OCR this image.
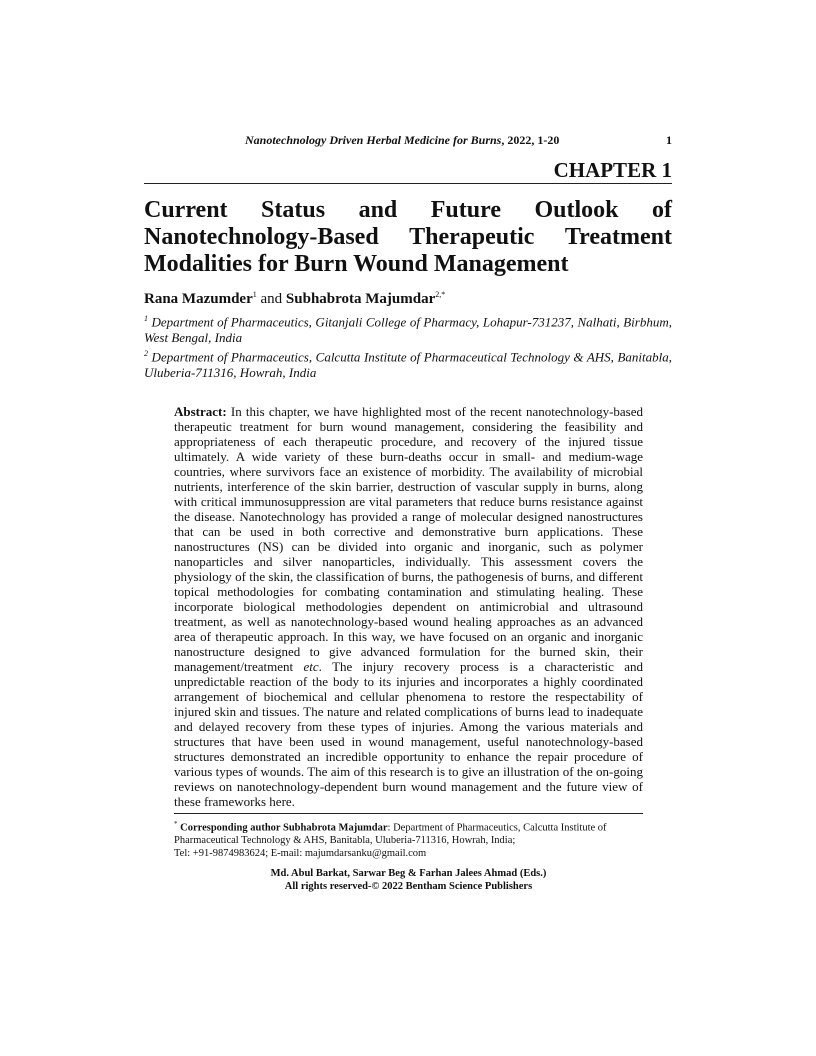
Nanotechnology Driven Herbal Medicine for Burns, 2022, 1-20	1
CHAPTER 1
Current Status and Future Outlook of Nanotechnology-Based Therapeutic Treatment Modalities for Burn Wound Management
Rana Mazumder$^1$ and Subhabrota Majumdar$^{2,*}$
$^1$ Department of Pharmaceutics, Gitanjali College of Pharmacy, Lohapur-731237, Nalhati, Birbhum, West Bengal, India
$^2$ Department of Pharmaceutics, Calcutta Institute of Pharmaceutical Technology & AHS, Banitabla, Uluberia-711316, Howrah, India
Abstract: In this chapter, we have highlighted most of the recent nanotechnology-based therapeutic treatment for burn wound management, considering the feasibility and appropriateness of each therapeutic procedure, and recovery of the injured tissue ultimately. A wide variety of these burn-deaths occur in small- and medium-wage countries, where survivors face an existence of morbidity. The availability of microbial nutrients, interference of the skin barrier, destruction of vascular supply in burns, along with critical immunosuppression are vital parameters that reduce burns resistance against the disease. Nanotechnology has provided a range of molecular designed nanostructures that can be used in both corrective and demonstrative burn applications. These nanostructures (NS) can be divided into organic and inorganic, such as polymer nanoparticles and silver nanoparticles, individually. This assessment covers the physiology of the skin, the classification of burns, the pathogenesis of burns, and different topical methodologies for combating contamination and stimulating healing. These incorporate biological methodologies dependent on antimicrobial and ultrasound treatment, as well as nanotechnology-based wound healing approaches as an advanced area of therapeutic approach. In this way, we have focused on an organic and inorganic nanostructure designed to give advanced formulation for the burned skin, their management/treatment etc. The injury recovery process is a characteristic and unpredictable reaction of the body to its injuries and incorporates a highly coordinated arrangement of biochemical and cellular phenomena to restore the respectability of injured skin and tissues. The nature and related complications of burns lead to inadequate and delayed recovery from these types of injuries. Among the various materials and structures that have been used in wound management, useful nanotechnology-based structures demonstrated an incredible opportunity to enhance the repair procedure of various types of wounds. The aim of this research is to give an illustration of the on-going reviews on nanotechnology-dependent burn wound management and the future view of these frameworks here.
* Corresponding author Subhabrota Majumdar: Department of Pharmaceutics, Calcutta Institute of Pharmaceutical Technology & AHS, Banitabla, Uluberia-711316, Howrah, India;
Tel: +91-9874983624; E-mail: majumdarsanku@gmail.com
Md. Abul Barkat, Sarwar Beg & Farhan Jalees Ahmad (Eds.)
All rights reserved-© 2022 Bentham Science Publishers
